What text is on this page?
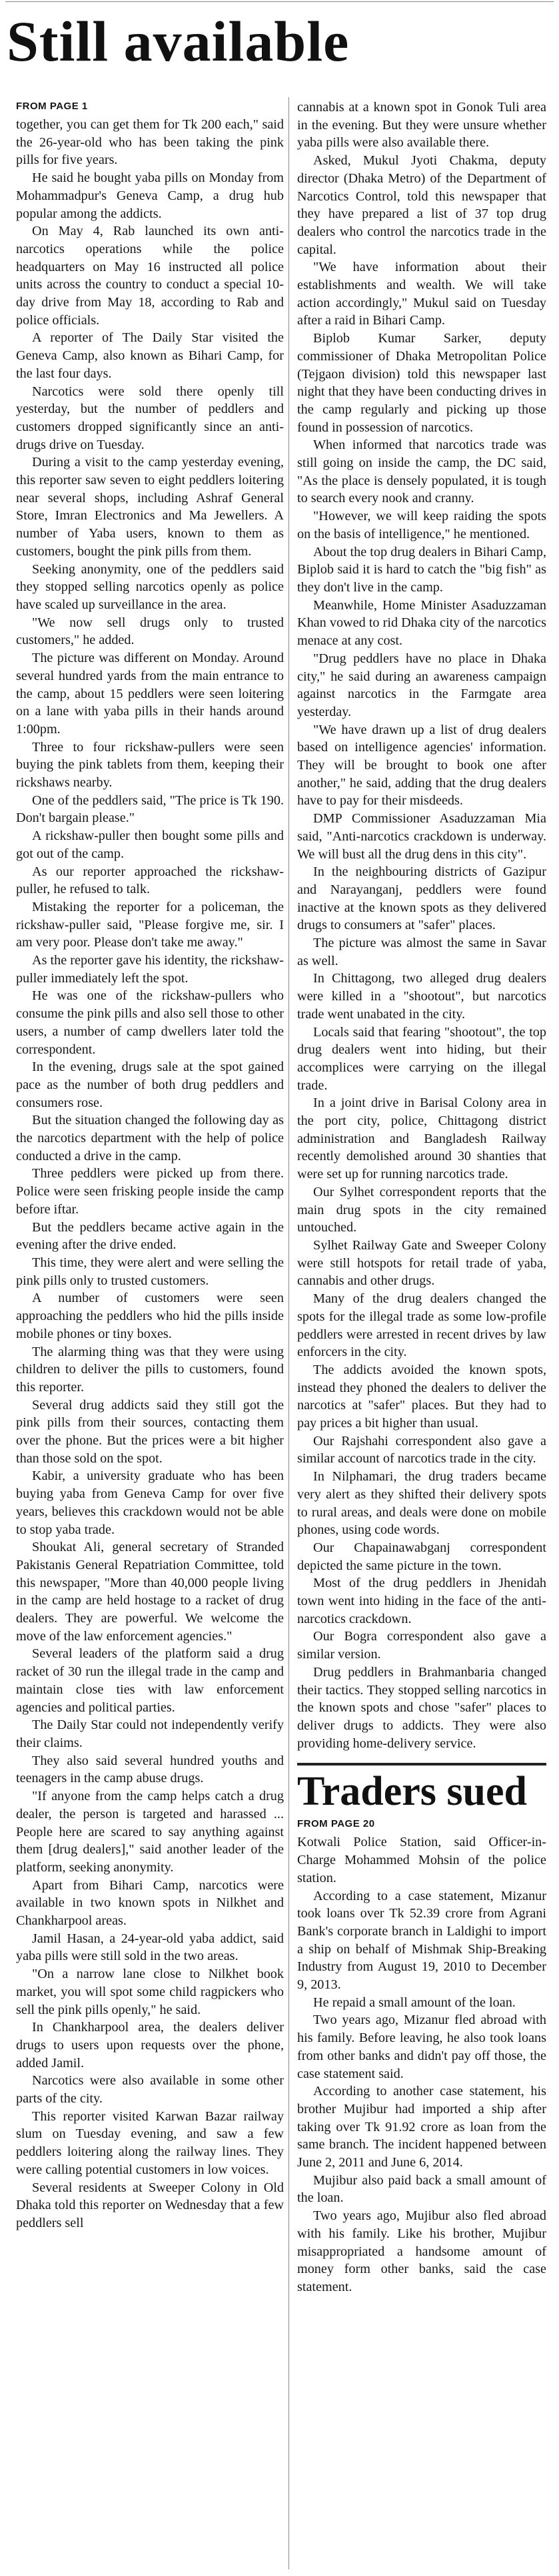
Still available
FROM PAGE 1

together, you can get them for Tk 200 each," said the 26-year-old who has been taking the pink pills for five years.

He said he bought yaba pills on Monday from Mohammadpur's Geneva Camp, a drug hub popular among the addicts.

On May 4, Rab launched its own anti-narcotics operations while the police headquarters on May 16 instructed all police units across the country to conduct a special 10-day drive from May 18, according to Rab and police officials.

A reporter of The Daily Star visited the Geneva Camp, also known as Bihari Camp, for the last four days.

Narcotics were sold there openly till yesterday, but the number of peddlers and customers dropped significantly since an anti-drugs drive on Tuesday.

During a visit to the camp yesterday evening, this reporter saw seven to eight peddlers loitering near several shops, including Ashraf General Store, Imran Electronics and Ma Jewellers. A number of Yaba users, known to them as customers, bought the pink pills from them.

Seeking anonymity, one of the peddlers said they stopped selling narcotics openly as police have scaled up surveillance in the area.

"We now sell drugs only to trusted customers," he added.

The picture was different on Monday. Around several hundred yards from the main entrance to the camp, about 15 peddlers were seen loitering on a lane with yaba pills in their hands around 1:00pm.

Three to four rickshaw-pullers were seen buying the pink tablets from them, keeping their rickshaws nearby.

One of the peddlers said, "The price is Tk 190. Don't bargain please."

A rickshaw-puller then bought some pills and got out of the camp.

As our reporter approached the rickshaw-puller, he refused to talk.

Mistaking the reporter for a policeman, the rickshaw-puller said, "Please forgive me, sir. I am very poor. Please don't take me away."

As the reporter gave his identity, the rickshaw-puller immediately left the spot.

He was one of the rickshaw-pullers who consume the pink pills and also sell those to other users, a number of camp dwellers later told the correspondent.

In the evening, drugs sale at the spot gained pace as the number of both drug peddlers and consumers rose.

But the situation changed the following day as the narcotics department with the help of police conducted a drive in the camp.

Three peddlers were picked up from there. Police were seen frisking people inside the camp before iftar.

But the peddlers became active again in the evening after the drive ended.

This time, they were alert and were selling the pink pills only to trusted customers.

A number of customers were seen approaching the peddlers who hid the pills inside mobile phones or tiny boxes.

The alarming thing was that they were using children to deliver the pills to customers, found this reporter.

Several drug addicts said they still got the pink pills from their sources, contacting them over the phone. But the prices were a bit higher than those sold on the spot.

Kabir, a university graduate who has been buying yaba from Geneva Camp for over five years, believes this crackdown would not be able to stop yaba trade.

Shoukat Ali, general secretary of Stranded Pakistanis General Repatriation Committee, told this newspaper, "More than 40,000 people living in the camp are held hostage to a racket of drug dealers. They are powerful. We welcome the move of the law enforcement agencies."

Several leaders of the platform said a drug racket of 30 run the illegal trade in the camp and maintain close ties with law enforcement agencies and political parties.

The Daily Star could not independently verify their claims.

They also said several hundred youths and teenagers in the camp abuse drugs.

"If anyone from the camp helps catch a drug dealer, the person is targeted and harassed ... People here are scared to say anything against them [drug dealers]," said another leader of the platform, seeking anonymity.

Apart from Bihari Camp, narcotics were available in two known spots in Nilkhet and Chankharpool areas.

Jamil Hasan, a 24-year-old yaba addict, said yaba pills were still sold in the two areas.

"On a narrow lane close to Nilkhet book market, you will spot some child ragpickers who sell the pink pills openly," he said.

In Chankharpool area, the dealers deliver drugs to users upon requests over the phone, added Jamil.

Narcotics were also available in some other parts of the city.

This reporter visited Karwan Bazar railway slum on Tuesday evening, and saw a few peddlers loitering along the railway lines. They were calling potential customers in low voices.

Several residents at Sweeper Colony in Old Dhaka told this reporter on Wednesday that a few peddlers sell

cannabis at a known spot in Gonok Tuli area in the evening. But they were unsure whether yaba pills were also available there.

Asked, Mukul Jyoti Chakma, deputy director (Dhaka Metro) of the Department of Narcotics Control, told this newspaper that they have prepared a list of 37 top drug dealers who control the narcotics trade in the capital.

"We have information about their establishments and wealth. We will take action accordingly," Mukul said on Tuesday after a raid in Bihari Camp.

Biplob Kumar Sarker, deputy commissioner of Dhaka Metropolitan Police (Tejgaon division) told this newspaper last night that they have been conducting drives in the camp regularly and picking up those found in possession of narcotics.

When informed that narcotics trade was still going on inside the camp, the DC said, "As the place is densely populated, it is tough to search every nook and cranny.

"However, we will keep raiding the spots on the basis of intelligence," he mentioned.

About the top drug dealers in Bihari Camp, Biplob said it is hard to catch the "big fish" as they don't live in the camp.

Meanwhile, Home Minister Asaduzzaman Khan vowed to rid Dhaka city of the narcotics menace at any cost.

"Drug peddlers have no place in Dhaka city," he said during an awareness campaign against narcotics in the Farmgate area yesterday.

"We have drawn up a list of drug dealers based on intelligence agencies' information. They will be brought to book one after another," he said, adding that the drug dealers have to pay for their misdeeds.

DMP Commissioner Asaduzzaman Mia said, "Anti-narcotics crackdown is underway. We will bust all the drug dens in this city".

In the neighbouring districts of Gazipur and Narayanganj, peddlers were found inactive at the known spots as they delivered drugs to consumers at "safer" places.

The picture was almost the same in Savar as well.

In Chittagong, two alleged drug dealers were killed in a "shootout", but narcotics trade went unabated in the city.

Locals said that fearing "shootout", the top drug dealers went into hiding, but their accomplices were carrying on the illegal trade.

In a joint drive in Barisal Colony area in the port city, police, Chittagong district administration and Bangladesh Railway recently demolished around 30 shanties that were set up for running narcotics trade.

Our Sylhet correspondent reports that the main drug spots in the city remained untouched.

Sylhet Railway Gate and Sweeper Colony were still hotspots for retail trade of yaba, cannabis and other drugs.

Many of the drug dealers changed the spots for the illegal trade as some low-profile peddlers were arrested in recent drives by law enforcers in the city.

The addicts avoided the known spots, instead they phoned the dealers to deliver the narcotics at "safer" places. But they had to pay prices a bit higher than usual.

Our Rajshahi correspondent also gave a similar account of narcotics trade in the city.

In Nilphamari, the drug traders became very alert as they shifted their delivery spots to rural areas, and deals were done on mobile phones, using code words.

Our Chapainawabganj correspondent depicted the same picture in the town.

Most of the drug peddlers in Jhenidah town went into hiding in the face of the anti-narcotics crackdown.

Our Bogra correspondent also gave a similar version.

Drug peddlers in Brahmanbaria changed their tactics. They stopped selling narcotics in the known spots and chose "safer" places to deliver drugs to addicts. They were also providing home-delivery service.

Traders sued
FROM PAGE 20

Kotwali Police Station, said Officer-in-Charge Mohammed Mohsin of the police station.

According to a case statement, Mizanur took loans over Tk 52.39 crore from Agrani Bank's corporate branch in Laldighi to import a ship on behalf of Mishmak Ship-Breaking Industry from August 19, 2010 to December 9, 2013.

He repaid a small amount of the loan.

Two years ago, Mizanur fled abroad with his family. Before leaving, he also took loans from other banks and didn't pay off those, the case statement said.

According to another case statement, his brother Mujibur had imported a ship after taking over Tk 91.92 crore as loan from the same branch. The incident happened between June 2, 2011 and June 6, 2014.

Mujibur also paid back a small amount of the loan.

Two years ago, Mujibur also fled abroad with his family. Like his brother, Mujibur misappropriated a handsome amount of money form other banks, said the case statement.
